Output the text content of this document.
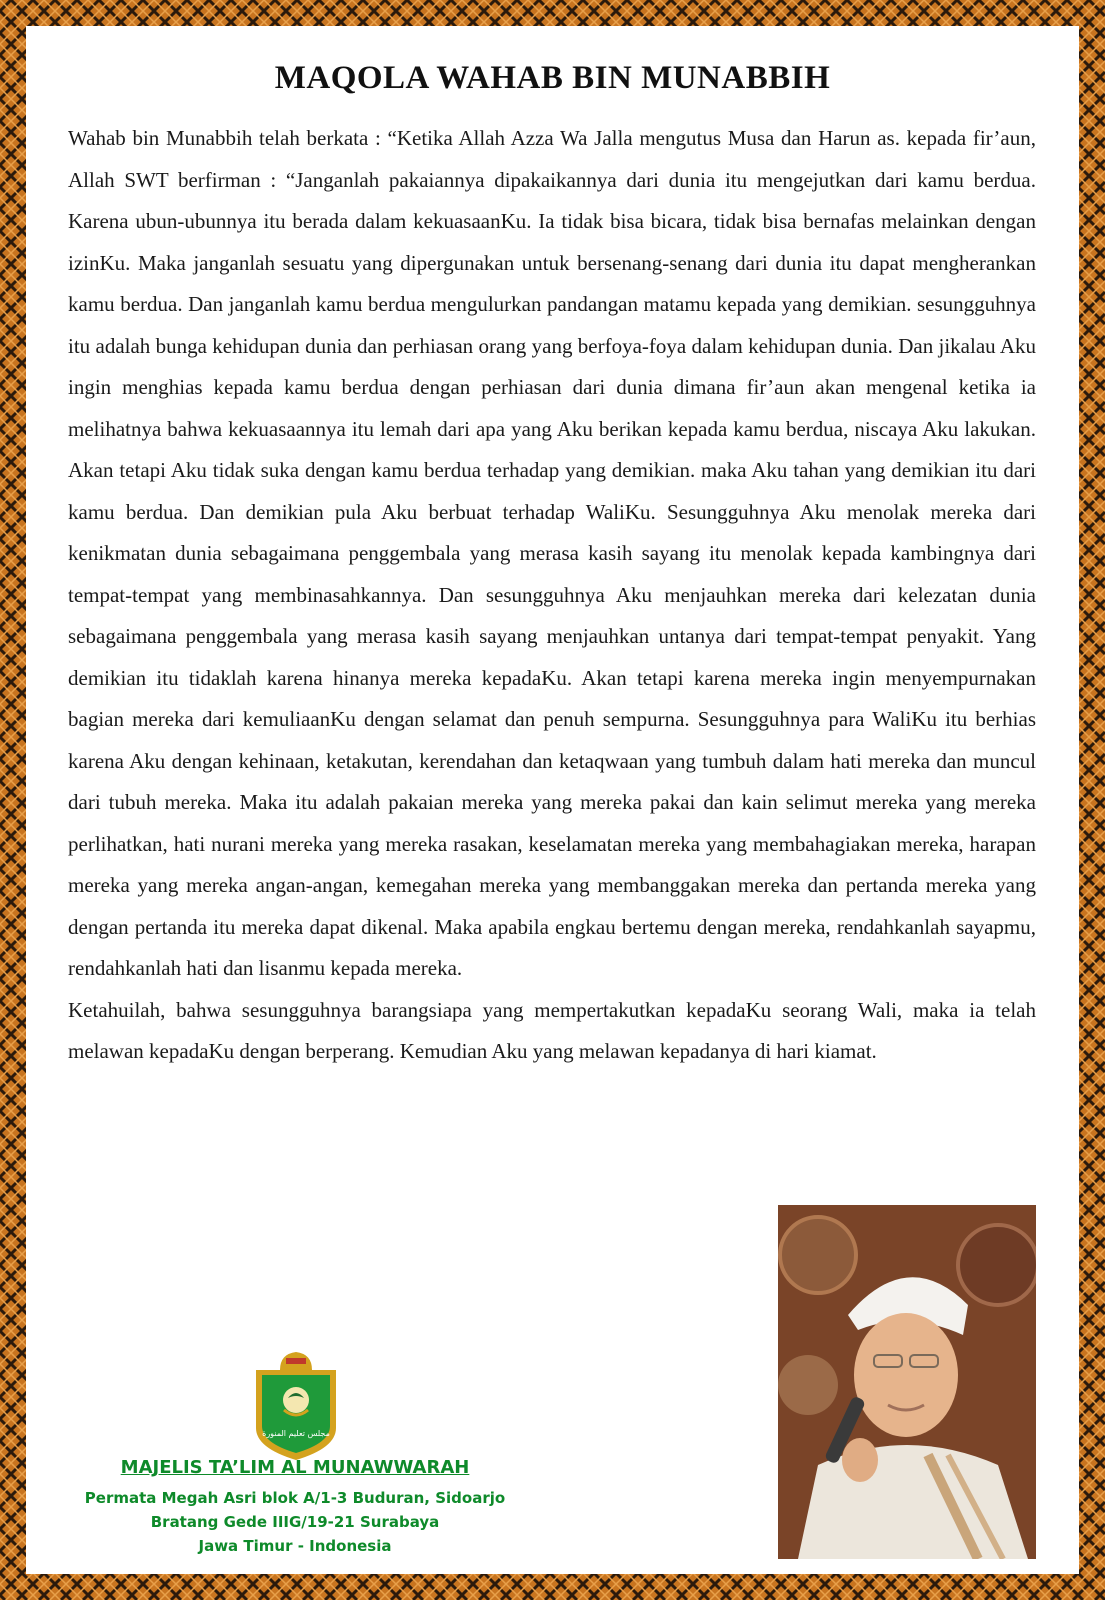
MAQOLA WAHAB BIN MUNABBIH

Wahab bin Munabbih telah berkata : “Ketika Allah Azza Wa Jalla mengutus Musa dan Harun as. kepada fir’aun, Allah SWT berfirman : “Janganlah pakaiannya dipakaikannya dari dunia itu mengejutkan dari kamu berdua. Karena ubun-ubunnya itu berada dalam kekuasaanKu. Ia tidak bisa bicara, tidak bisa bernafas melainkan dengan izinKu. Maka janganlah sesuatu yang dipergunakan untuk bersenang-senang dari dunia itu dapat mengherankan kamu berdua. Dan janganlah kamu berdua mengulurkan pandangan matamu kepada yang demikian. sesungguhnya itu adalah bunga kehidupan dunia dan perhiasan orang yang berfoya-foya dalam kehidupan dunia. Dan jikalau Aku ingin menghias kepada kamu berdua dengan perhiasan dari dunia dimana fir’aun akan mengenal ketika ia melihatnya bahwa kekuasaannya itu lemah dari apa yang Aku berikan kepada kamu berdua, niscaya Aku lakukan. Akan tetapi Aku tidak suka dengan kamu berdua terhadap yang demikian. maka Aku tahan yang demikian itu dari kamu berdua. Dan demikian pula Aku berbuat terhadap WaliKu. Sesungguhnya Aku menolak mereka dari kenikmatan dunia sebagaimana penggembala yang merasa kasih sayang itu menolak kepada kambingnya dari tempat-tempat yang membinasahkannya. Dan sesungguhnya Aku menjauhkan mereka dari kelezatan dunia sebagaimana penggembala yang merasa kasih sayang menjauhkan untanya dari tempat-tempat penyakit. Yang demikian itu tidaklah karena hinanya mereka kepadaKu. Akan tetapi karena mereka ingin menyempurnakan bagian mereka dari kemuliaanKu dengan selamat dan penuh sempurna. Sesungguhnya para WaliKu itu berhias karena Aku dengan kehinaan, ketakutan, kerendahan dan ketaqwaan yang tumbuh dalam hati mereka dan muncul dari tubuh mereka. Maka itu adalah pakaian mereka yang mereka pakai dan kain selimut mereka yang mereka perlihatkan, hati nurani mereka yang mereka rasakan, keselamatan mereka yang membahagiakan mereka, harapan mereka yang mereka angan-angan, kemegahan mereka yang membanggakan mereka dan pertanda mereka yang dengan pertanda itu mereka dapat dikenal. Maka apabila engkau bertemu dengan mereka, rendahkanlah sayapmu, rendahkanlah hati dan lisanmu kepada mereka.

Ketahuilah, bahwa sesungguhnya barangsiapa yang mempertakutkan kepadaKu seorang Wali, maka ia telah melawan kepadaKu dengan berperang. Kemudian Aku yang melawan kepadanya di hari kiamat.

مجلس تعليم المنورة
MAJELIS TA’LIM AL MUNAWWARAH
Permata Megah Asri blok A/1-3 Buduran, Sidoarjo
Bratang Gede IIIG/19-21 Surabaya
Jawa Timur - Indonesia
